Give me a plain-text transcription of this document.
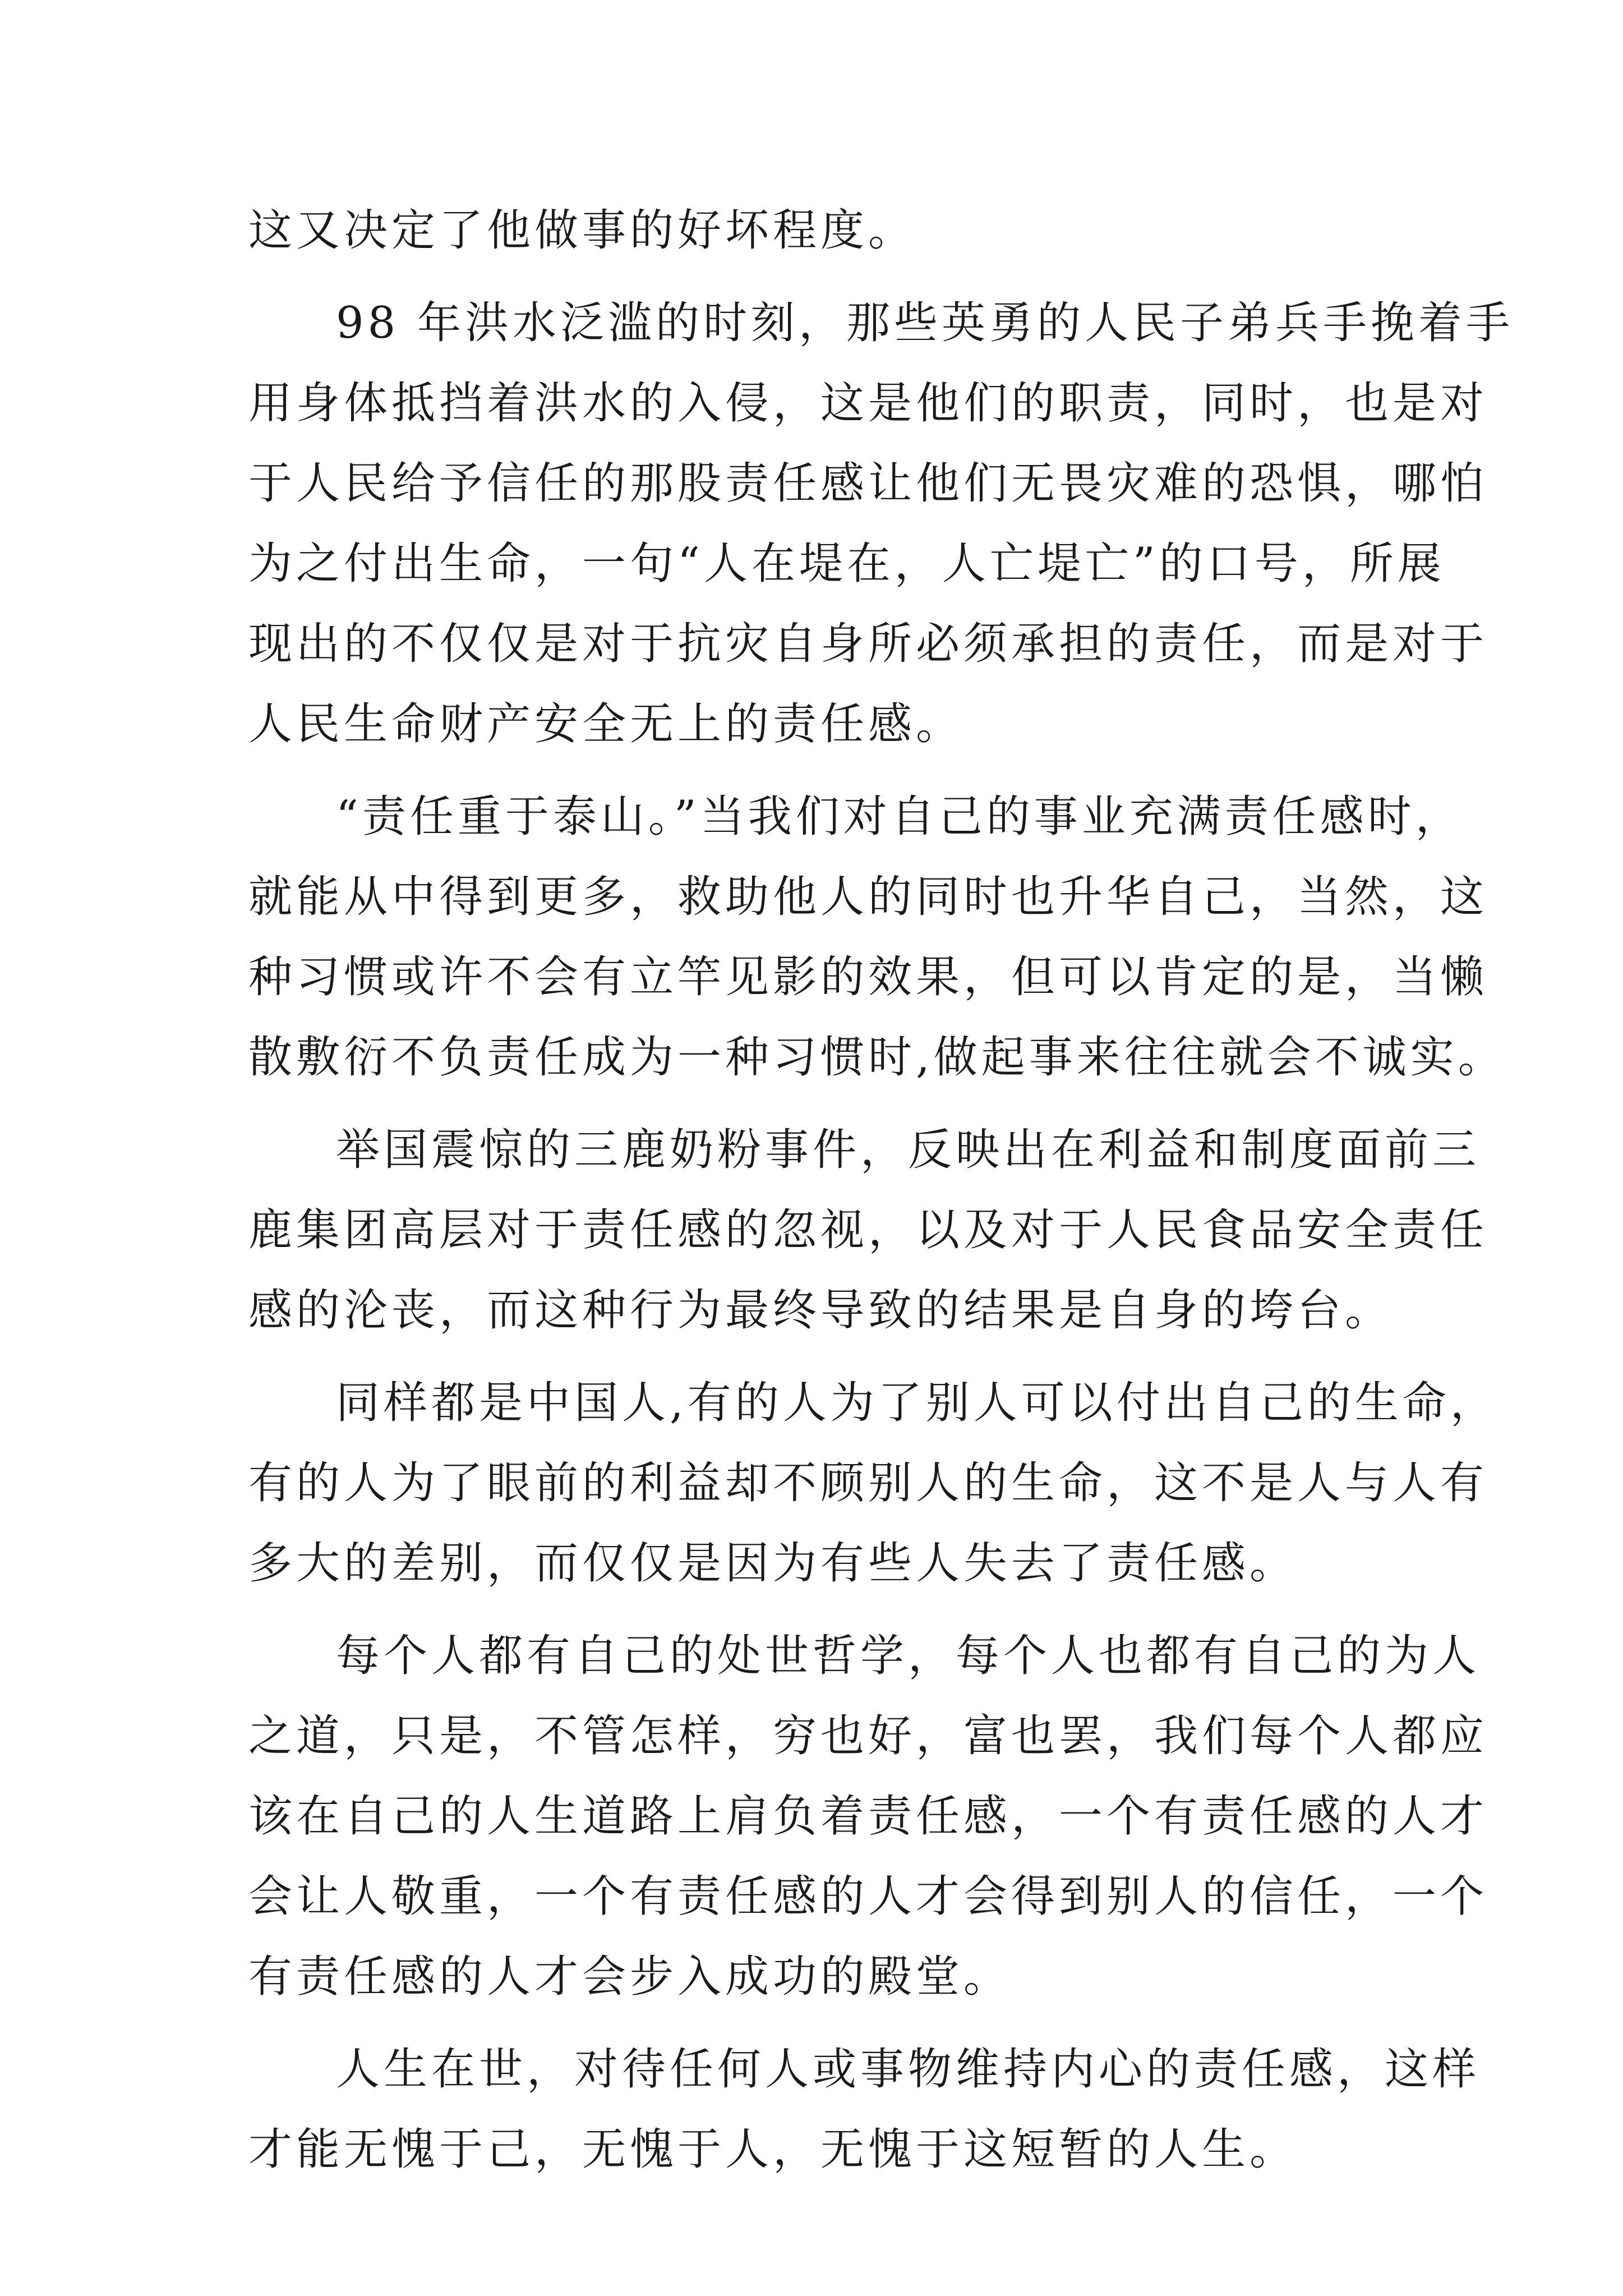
这又决定了他做事的好坏程度。
98 年洪水泛滥的时刻，那些英勇的人民子弟兵手挽着手
用身体抵挡着洪水的入侵，这是他们的职责，同时，也是对
于人民给予信任的那股责任感让他们无畏灾难的恐惧，哪怕
为之付出生命，一句“人在堤在，人亡堤亡”的口号，所展
现出的不仅仅是对于抗灾自身所必须承担的责任，而是对于
人民生命财产安全无上的责任感。
“责任重于泰山。”当我们对自己的事业充满责任感时，
就能从中得到更多，救助他人的同时也升华自己，当然，这
种习惯或许不会有立竿见影的效果，但可以肯定的是，当懒
散敷衍不负责任成为一种习惯时,做起事来往往就会不诚实。
举国震惊的三鹿奶粉事件，反映出在利益和制度面前三
鹿集团高层对于责任感的忽视，以及对于人民食品安全责任
感的沦丧，而这种行为最终导致的结果是自身的垮台。
同样都是中国人,有的人为了别人可以付出自己的生命，
有的人为了眼前的利益却不顾别人的生命，这不是人与人有
多大的差别，而仅仅是因为有些人失去了责任感。
每个人都有自己的处世哲学，每个人也都有自己的为人
之道，只是，不管怎样，穷也好，富也罢，我们每个人都应
该在自己的人生道路上肩负着责任感，一个有责任感的人才
会让人敬重，一个有责任感的人才会得到别人的信任，一个
有责任感的人才会步入成功的殿堂。
人生在世，对待任何人或事物维持内心的责任感，这样
才能无愧于己，无愧于人，无愧于这短暂的人生。
